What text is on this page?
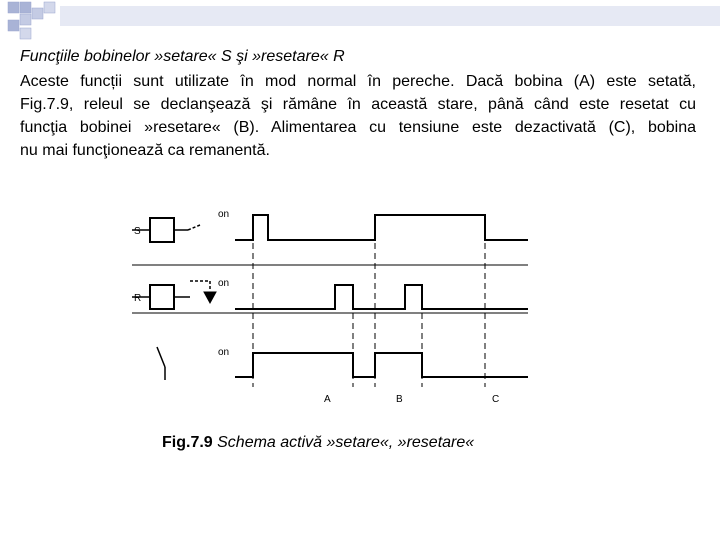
Funcţiile bobinelor »setare« S şi »resetare« R
Aceste funcții sunt utilizate în mod normal în pereche. Dacă bobina (A) este setată,
Fig.7.9, releul se declanşează şi rămâne în această stare, până când este resetat cu
funcţia bobinei »resetare« (B). Alimentarea cu tensiune este dezactivată (C), bobina
nu mai funcţionează ca remanentă.
S
R
on
on
on
A	B	C
Fig.7.9 Schema activă »setare«, »resetare«
